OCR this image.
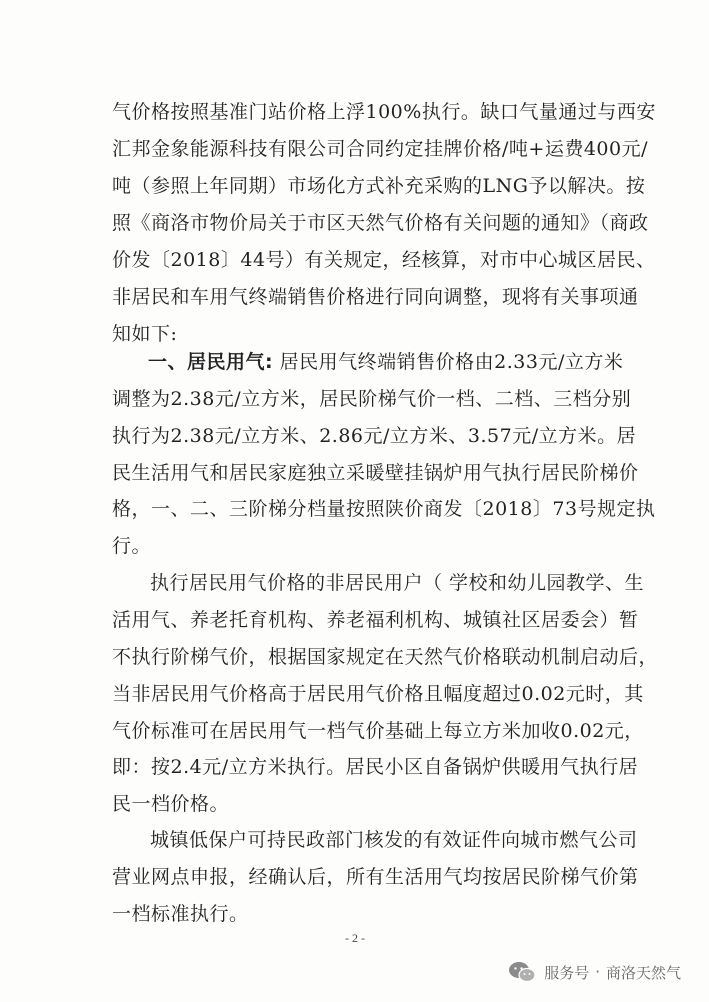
气价格按照基准门站价格上浮100%执行。缺口气量通过与西安
汇邦金象能源科技有限公司合同约定挂牌价格/吨+运费400元/
吨（参照上年同期）市场化方式补充采购的LNG予以解决。按
照《商洛市物价局关于市区天然气价格有关问题的通知》（商政
价发〔2018〕44号）有关规定，经核算，对市中心城区居民、
非居民和车用气终端销售价格进行同向调整，现将有关事项通
知如下:
一、居民用气: 居民用气终端销售价格由2.33元/立方米
调整为2.38元/立方米，居民阶梯气价一档、二档、三档分别
执行为2.38元/立方米、2.86元/立方米、3.57元/立方米。居
民生活用气和居民家庭独立采暖壁挂锅炉用气执行居民阶梯价
格，一、二、三阶梯分档量按照陕价商发〔2018〕73号规定执
行。
执行居民用气价格的非居民用户（ 学校和幼儿园教学、生
活用气、养老托育机构、养老福利机构、城镇社区居委会）暂
不执行阶梯气价，根据国家规定在天然气价格联动机制启动后，
当非居民用气价格高于居民用气价格且幅度超过0.02元时，其
气价标准可在居民用气一档气价基础上每立方米加收0.02元，
即：按2.4元/立方米执行。居民小区自备锅炉供暖用气执行居
民一档价格。
城镇低保户可持民政部门核发的有效证件向城市燃气公司
营业网点申报，经确认后，所有生活用气均按居民阶梯气价第
一档标准执行。
- 2 -
服务号 · 商洛天然气
